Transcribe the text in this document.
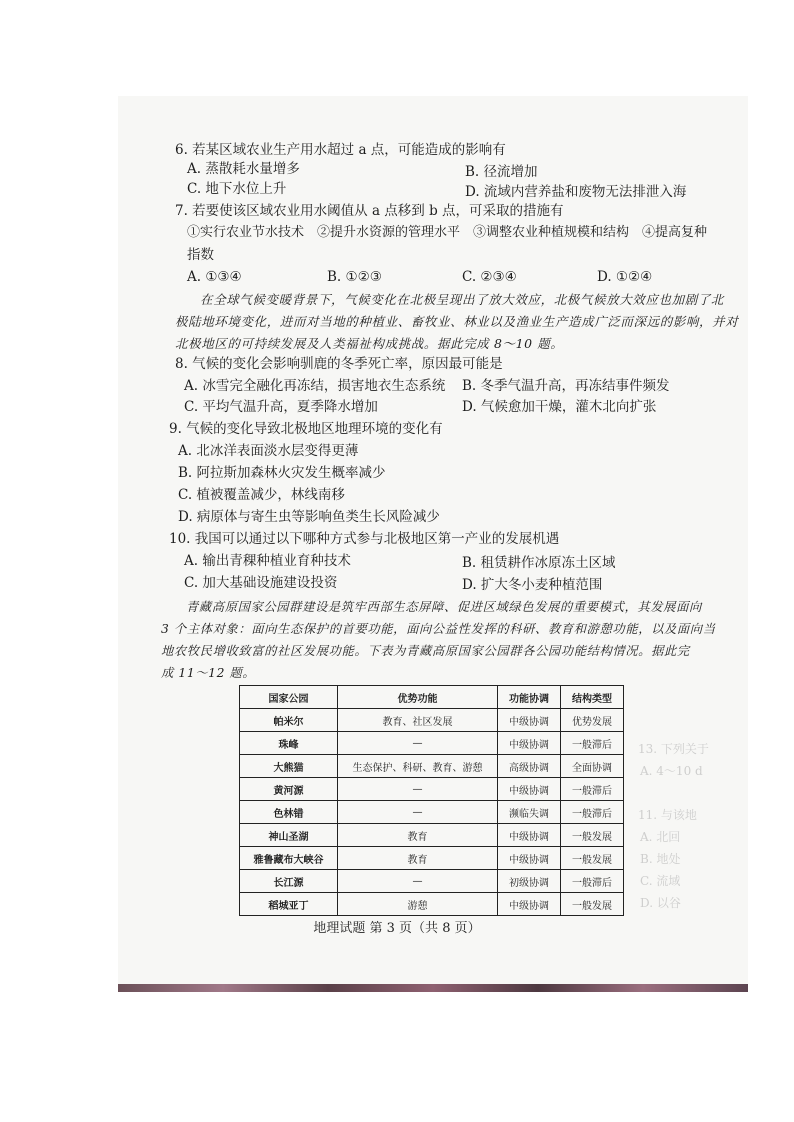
6. 若某区域农业生产用水超过 a 点，可能造成的影响有
A. 蒸散耗水量增多	B. 径流增加
C. 地下水位上升	D. 流域内营养盐和废物无法排泄入海
7. 若要使该区域农业用水阈值从 a 点移到 b 点，可采取的措施有
①实行农业节水技术　②提升水资源的管理水平　③调整农业种植规模和结构　④提高复种
指数
A. ①③④	B. ①②③	C. ②③④	D. ①②④
在全球气候变暖背景下，气候变化在北极呈现出了放大效应，北极气候放大效应也加剧了北
极陆地环境变化，进而对当地的种植业、畜牧业、林业以及渔业生产造成广泛而深远的影响，并对
北极地区的可持续发展及人类福祉构成挑战。据此完成 8～10 题。
8. 气候的变化会影响驯鹿的冬季死亡率，原因最可能是
A. 冰雪完全融化再冻结，损害地衣生态系统 B. 冬季气温升高，再冻结事件频发
C. 平均气温升高，夏季降水增加	D. 气候愈加干燥，灌木北向扩张
9. 气候的变化导致北极地区地理环境的变化有
A. 北冰洋表面淡水层变得更薄
B. 阿拉斯加森林火灾发生概率减少
C. 植被覆盖减少，林线南移
D. 病原体与寄生虫等影响鱼类生长风险减少
10. 我国可以通过以下哪种方式参与北极地区第一产业的发展机遇
A. 输出青稞种植业育种技术	B. 租赁耕作冰原冻土区域
C. 加大基础设施建设投资	D. 扩大冬小麦种植范围
青藏高原国家公园群建设是筑牢西部生态屏障、促进区域绿色发展的重要模式，其发展面向
3 个主体对象：面向生态保护的首要功能，面向公益性发挥的科研、教育和游憩功能，以及面向当
地农牧民增收致富的社区发展功能。下表为青藏高原国家公园群各公园功能结构情况。据此完
成 11～12 题。
13. 下列关于
A. 4～10 d
11. 与该地
A. 北回
B. 地处
C. 流域
D. 以谷
国家公园	优势功能	功能协调	结构类型
帕米尔	教育、社区发展	中级协调	优势发展
珠峰	—	中级协调	一般滞后
大熊猫	生态保护、科研、教育、游憩	高级协调	全面协调
黄河源	—	中级协调	一般滞后
色林错	—	濒临失调	一般滞后
神山圣湖	教育	中级协调	一般发展
雅鲁藏布大峡谷	教育	中级协调	一般发展
长江源	—	初级协调	一般滞后
稻城亚丁	游憩	中级协调	一般发展
地理试题 第 3 页（共 8 页）
